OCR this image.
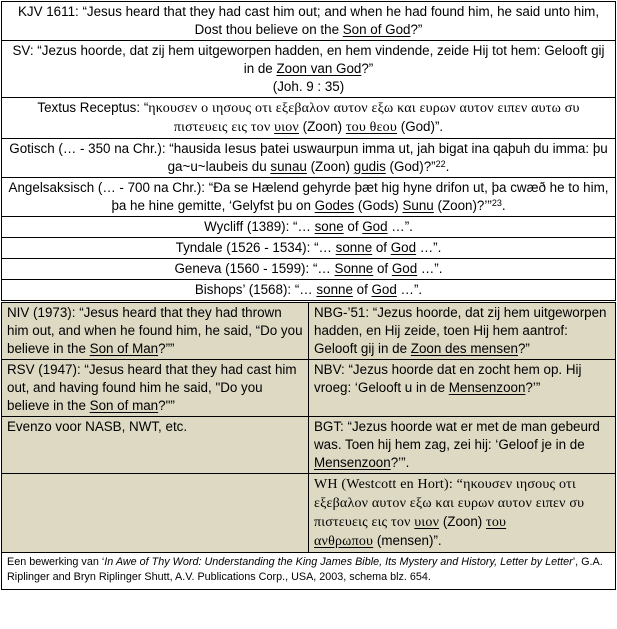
KJV 1611: “Jesus heard that they had cast him out; and when he had found him, he said unto him,
Dost thou believe on the Son of God?”	
SV: “Jezus hoorde, dat zij hem uitgeworpen hadden, en hem vindende, zeide Hij tot hem: Gelooft gij
in de Zoon van God?”
(Joh. 9 : 35)	
Textus Receptus: “ηκουσεν ο ιησους οτι εξεβαλον αυτον εξω και ευρων αυτον ειπεν αυτω συ
πιστευεις εις τον υιον (Zoon) του θεου (God)”.	
Gotisch (… - 350 na Chr.): “hausida Iesus þatei uswaurpun imma ut, jah bigat ina qaþuh du imma: þu
ga~u~laubeis du sunau (Zoon) gudis (God)?”$^{22}$.	
Angelsaksisch (… - 700 na Chr.): “Ða se Hælend gehyrde þæt hig hyne drifon ut, þa cwæð he to him,
þa he hine gemitte, ‘Gelyfst þu on Godes (Gods) Sunu (Zoon)?’”$^{23}$.	
Wycliff (1389): “… sone of God …”.	
Tyndale (1526 - 1534): “… sonne of God …”.	
Geneva (1560 - 1599): “… Sonne of God …”.	
Bishops’ (1568): “… sonne of God …”.	
NIV (1973): “Jesus heard that they had thrown him out, and when he found him, he said, “Do you believe in the Son of Man?””	NBG-’51: “Jezus hoorde, dat zij hem uitgeworpen hadden, en Hij zeide, toen Hij hem aantrof: Gelooft gij in de Zoon des mensen?”
RSV (1947): “Jesus heard that they had cast him out, and having found him he said, "Do you believe in the Son of man?"”	NBV: “Jezus hoorde dat en zocht hem op. Hij vroeg: ‘Gelooft u in de Mensenzoon?’”
Evenzo voor NASB, NWT, etc.	BGT: “Jezus hoorde wat er met de man gebeurd was. Toen hij hem zag, zei hij: ‘Geloof je in de Mensenzoon?’”.
	WH (Westcott en Hort): “ηκουσεν ιησους οτι εξεβαλον αυτον εξω και ευρων αυτον ειπεν συ πιστευεις εις τον υιον (Zoon) του
ανθρωπου (mensen)”.
Een bewerking van ‘In Awe of Thy Word: Understanding the King James Bible, Its Mystery and History, Letter by Letter’, G.A. Riplinger and Bryn Riplinger Shutt, A.V. Publications Corp., USA, 2003, schema blz. 654.	
